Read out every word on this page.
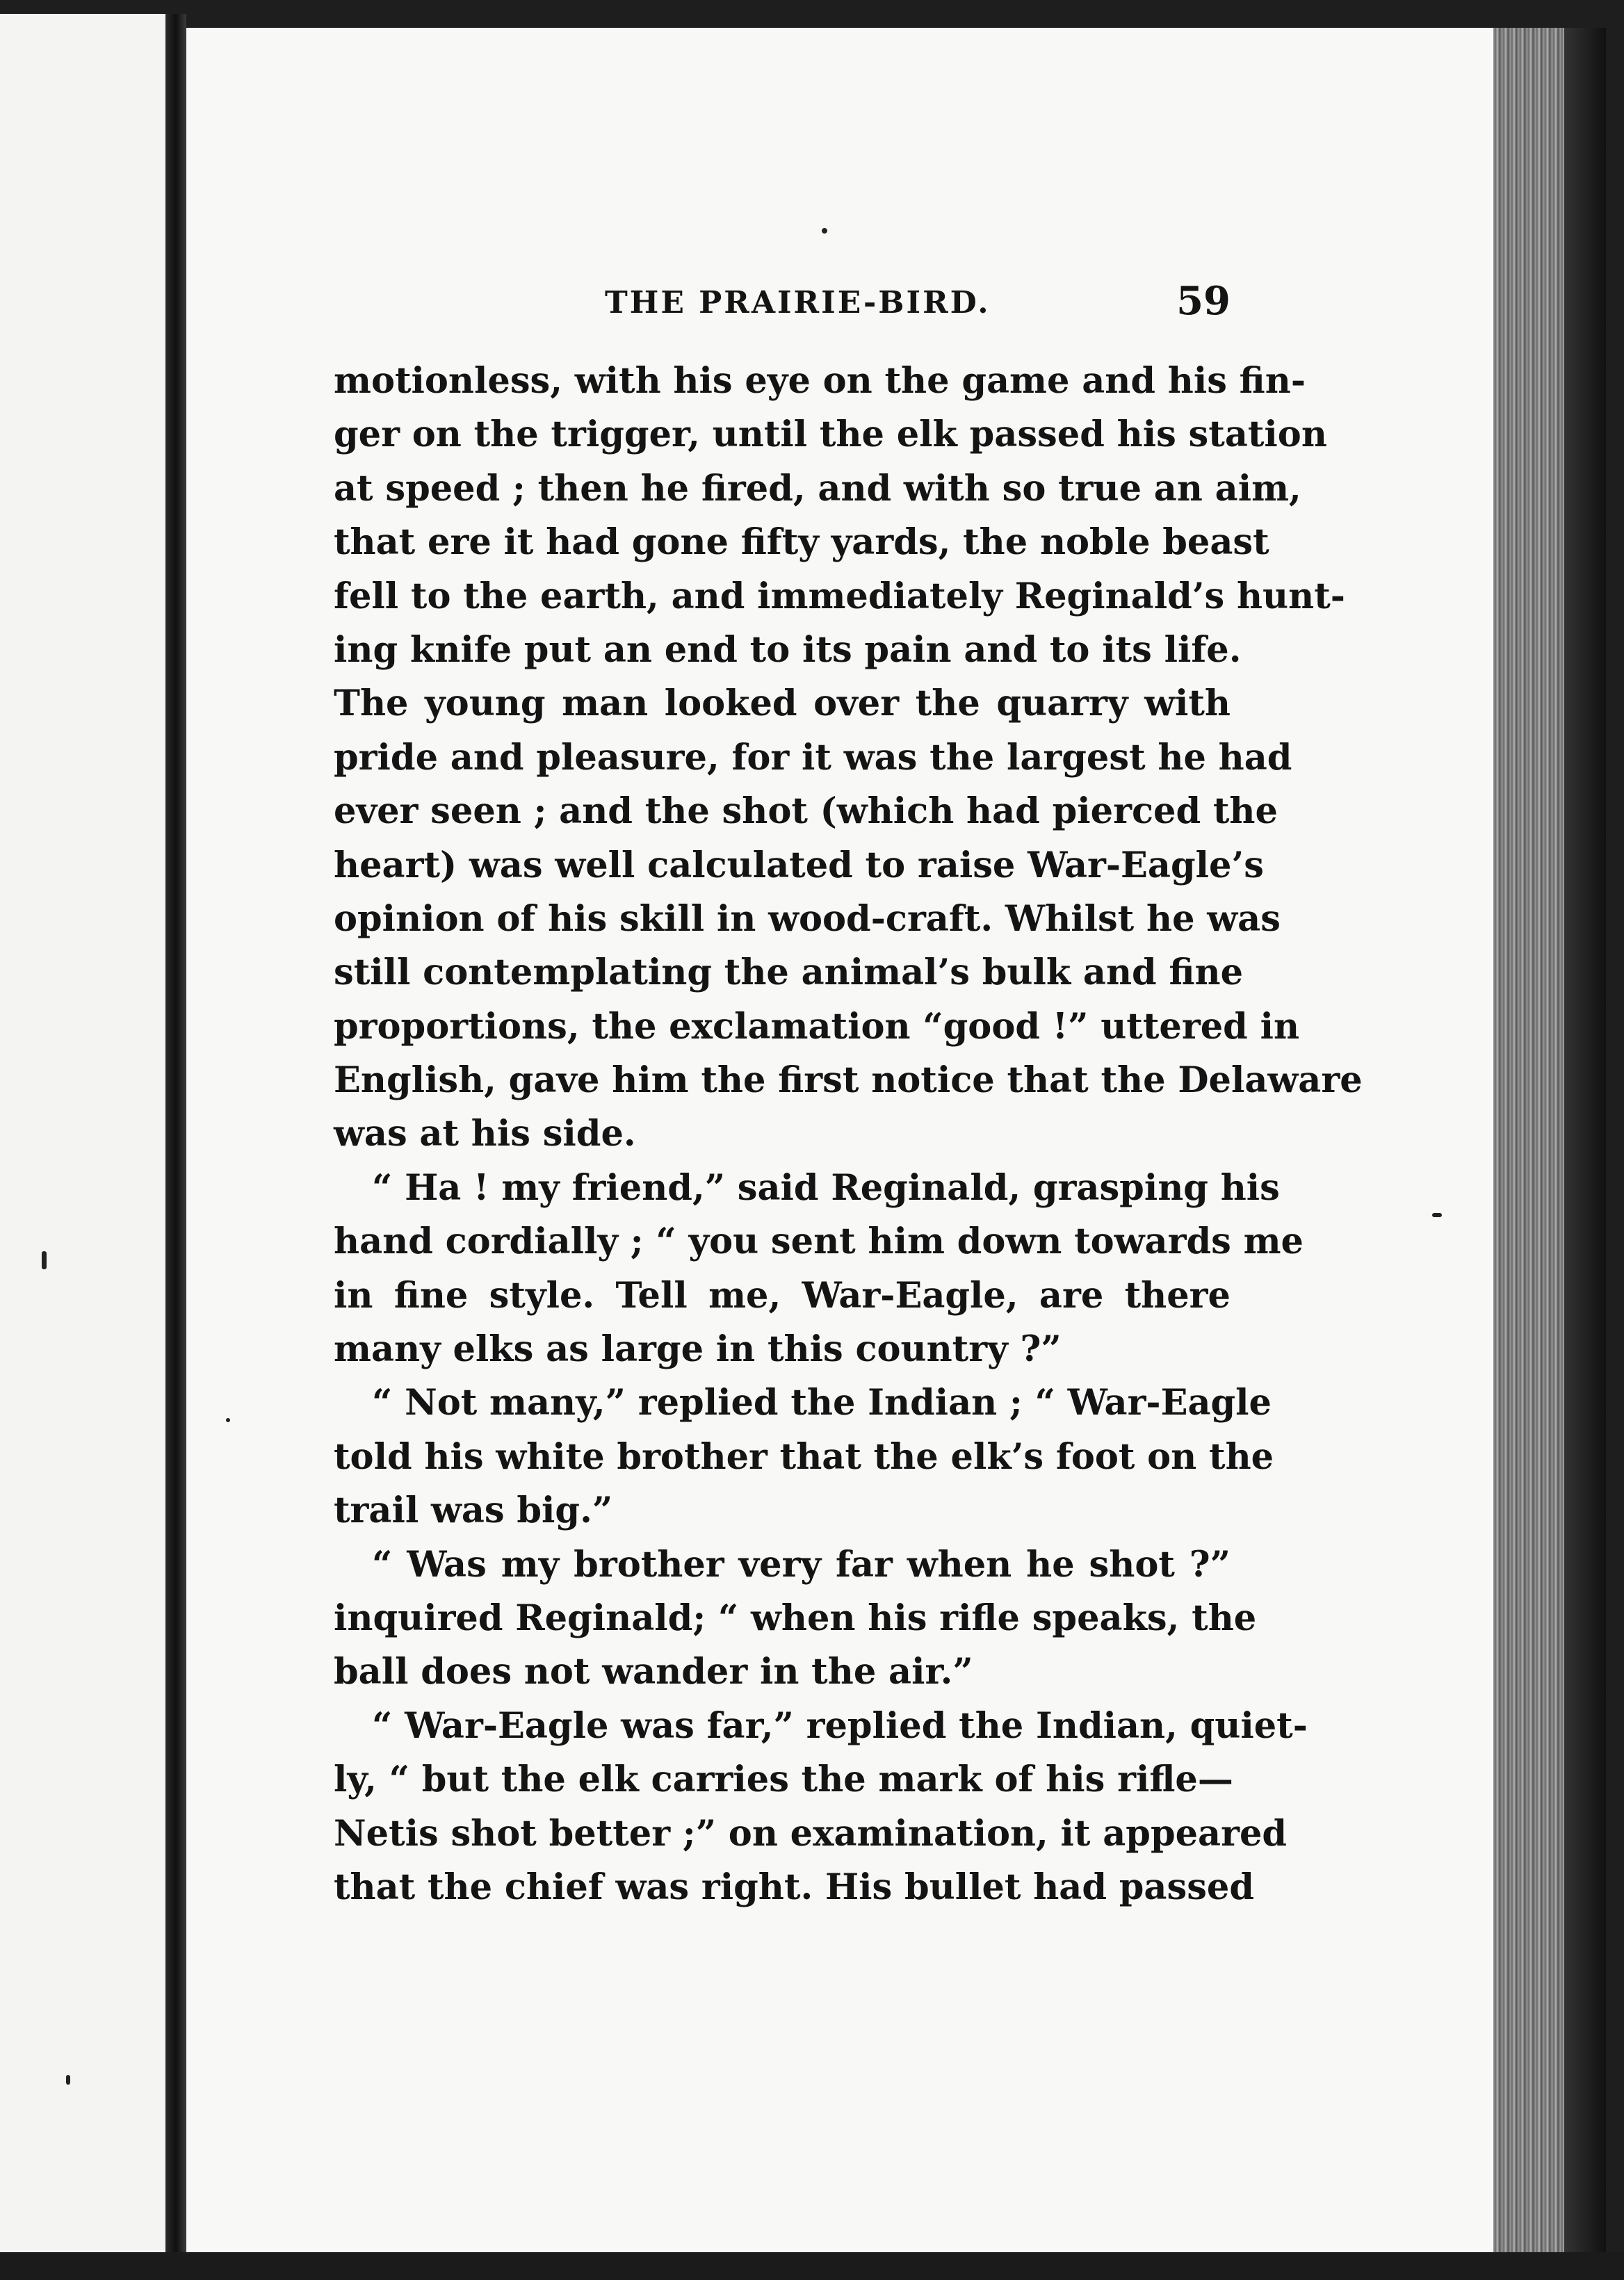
THE PRAIRIE-BIRD.	59
motionless, with his eye on the game and his fin-
ger on the trigger, until the elk passed his station
at speed ; then he fired, and with so true an aim,
that ere it had gone fifty yards, the noble beast
fell to the earth, and immediately Reginald’s hunt-
ing knife put an end to its pain and to its life.
The young man looked over the quarry with
pride and pleasure, for it was the largest he had
ever seen ; and the shot (which had pierced the
heart) was well calculated to raise War-Eagle’s
opinion of his skill in wood-craft. Whilst he was
still contemplating the animal’s bulk and fine
proportions, the exclamation “good !” uttered in
English, gave him the first notice that the Delaware
was at his side.
“ Ha ! my friend,” said Reginald, grasping his
hand cordially ; “ you sent him down towards me
in fine style. Tell me, War-Eagle, are there
many elks as large in this country ?”
“ Not many,” replied the Indian ; “ War-Eagle
told his white brother that the elk’s foot on the
trail was big.”
“ Was my brother very far when he shot ?”
inquired Reginald; “ when his rifle speaks, the
ball does not wander in the air.”
“ War-Eagle was far,” replied the Indian, quiet-
ly, “ but the elk carries the mark of his rifle—
Netis shot better ;” on examination, it appeared
that the chief was right. His bullet had passed
